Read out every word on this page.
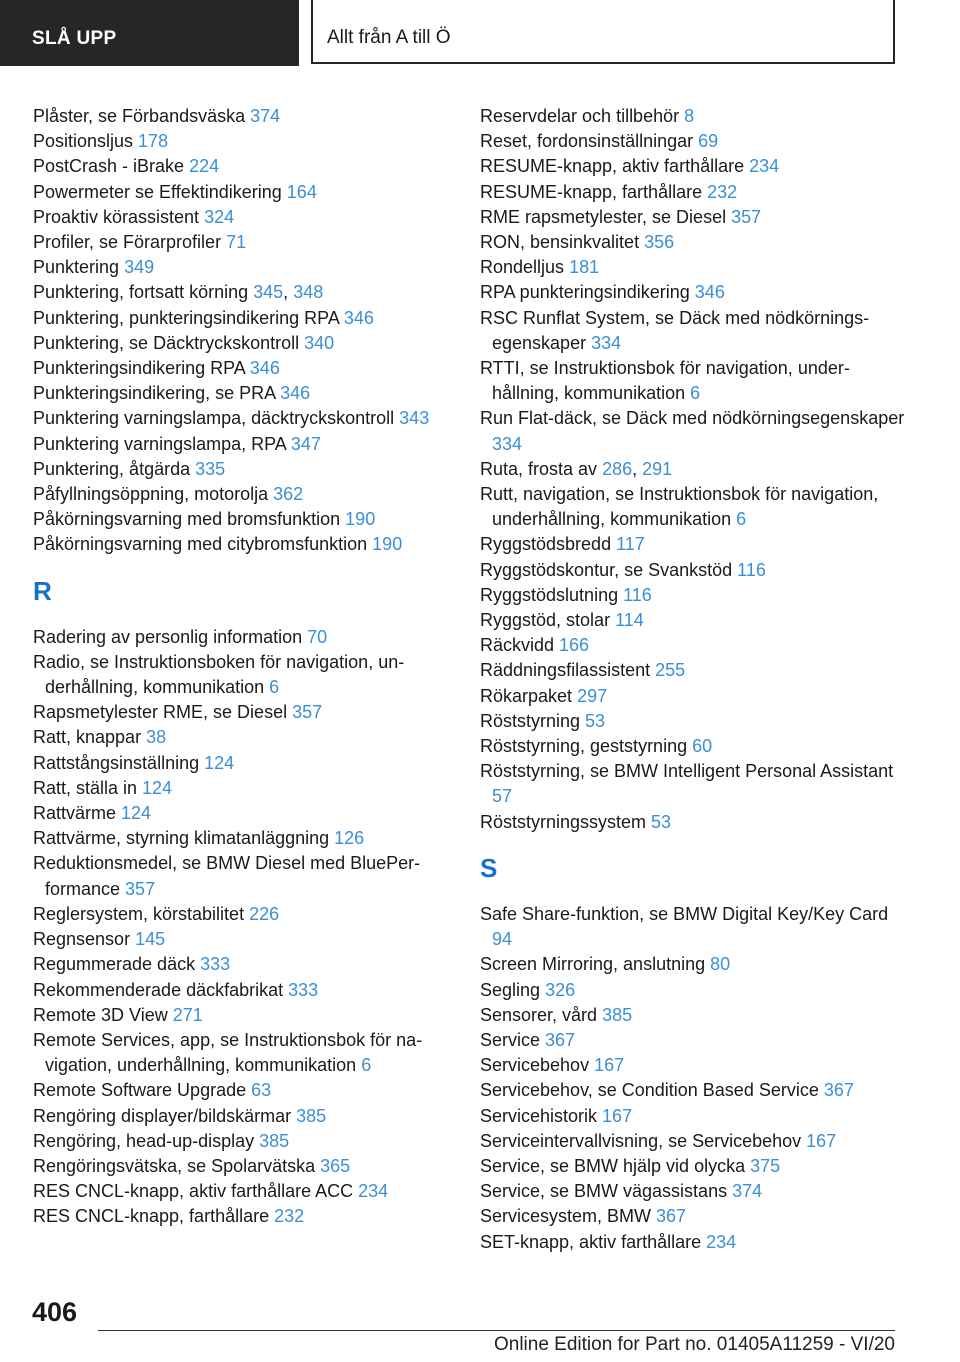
SLÅ UPP	Allt från A till Ö
Plåster, se Förbandsväska 374
Positionsljus 178
PostCrash - iBrake 224
Powermeter se Effektindikering 164
Proaktiv körassistent 324
Profiler, se Förarprofiler 71
Punktering 349
Punktering, fortsatt körning 345, 348
Punktering, punkteringsindikering RPA 346
Punktering, se Däcktryckskontroll 340
Punkteringsindikering RPA 346
Punkteringsindikering, se PRA 346
Punktering varningslampa, däcktryckskontroll 343
Punktering varningslampa, RPA 347
Punktering, åtgärda 335
Påfyllningsöppning, motorolja 362
Påkörningsvarning med bromsfunktion 190
Påkörningsvarning med citybromsfunktion 190
R
Radering av personlig information 70
Radio, se Instruktionsboken för navigation, underhållning, kommunikation 6
Rapsmetylester RME, se Diesel 357
Ratt, knappar 38
Rattstångsinställning 124
Ratt, ställa in 124
Rattvärme 124
Rattvärme, styrning klimatanläggning 126
Reduktionsmedel, se BMW Diesel med BluePerformance 357
Reglersystem, körstabilitet 226
Regnsensor 145
Regummerade däck 333
Rekommenderade däckfabrikat 333
Remote 3D View 271
Remote Services, app, se Instruktionsbok för navigation, underhållning, kommunikation 6
Remote Software Upgrade 63
Rengöring displayer/bildskärmar 385
Rengöring, head-up-display 385
Rengöringsvätska, se Spolarvätska 365
RES CNCL-knapp, aktiv farthållare ACC 234
RES CNCL-knapp, farthållare 232
Reservdelar och tillbehör 8
Reset, fordonsinställningar 69
RESUME-knapp, aktiv farthållare 234
RESUME-knapp, farthållare 232
RME rapsmetylester, se Diesel 357
RON, bensinkvalitet 356
Rondelljus 181
RPA punkteringsindikering 346
RSC Runflat System, se Däck med nödkörningsegenskaper 334
RTTI, se Instruktionsbok för navigation, underhållning, kommunikation 6
Run Flat-däck, se Däck med nödkörningsegenskaper 334
Ruta, frosta av 286, 291
Rutt, navigation, se Instruktionsbok för navigation, underhållning, kommunikation 6
Ryggstödsbredd 117
Ryggstödskontur, se Svankstöd 116
Ryggstödslutning 116
Ryggstöd, stolar 114
Räckvidd 166
Räddningsfilassistent 255
Rökarpaket 297
Röststyrning 53
Röststyrning, geststyrning 60
Röststyrning, se BMW Intelligent Personal Assistant 57
Röststyrningssystem 53
S
Safe Share-funktion, se BMW Digital Key/Key Card 94
Screen Mirroring, anslutning 80
Segling 326
Sensorer, vård 385
Service 367
Servicebehov 167
Servicebehov, se Condition Based Service 367
Servicehistorik 167
Serviceintervallvisning, se Servicebehov 167
Service, se BMW hjälp vid olycka 375
Service, se BMW vägassistans 374
Servicesystem, BMW 367
SET-knapp, aktiv farthållare 234
406
Online Edition for Part no. 01405A11259 - VI/20
